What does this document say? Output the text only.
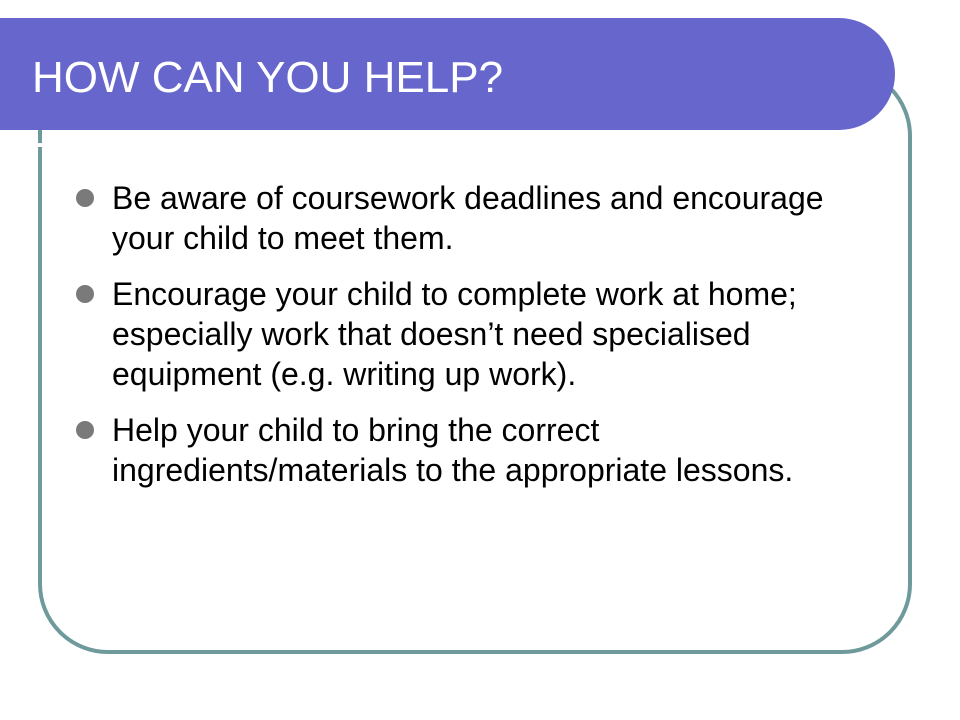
HOW CAN YOU HELP?
Be aware of coursework deadlines and encourage your child to meet them.
Encourage your child to complete work at home; especially work that doesn’t need specialised equipment (e.g. writing up work).
Help your child to bring the correct ingredients/materials to the appropriate lessons.
